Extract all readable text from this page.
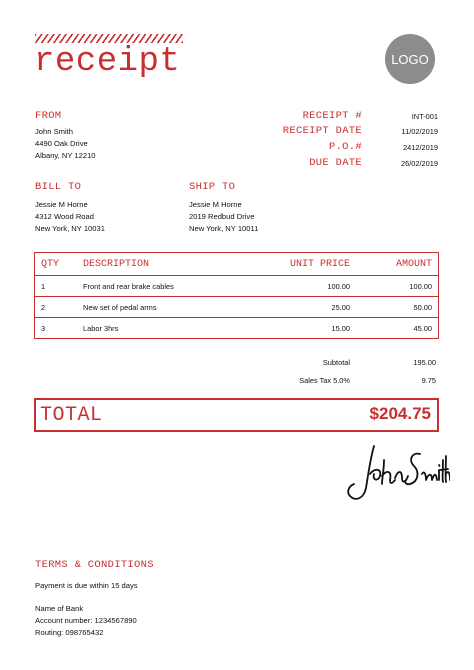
receipt	LOGO
FROM
John Smith
4490 Oak Drive
Albany, NY 12210
RECEIPT #	INT-001
RECEIPT DATE	11/02/2019
P.O.#	2412/2019
DUE DATE	26/02/2019
BILL TO
Jessie M Horne
4312 Wood Road
New York, NY 10031
SHIP TO
Jessie M Horne
2019 Redbud Drive
New York, NY 10011
QTY	DESCRIPTION	UNIT PRICE	AMOUNT
1	Front and rear brake cables	100.00	100.00
2	New set of pedal arms	25.00	50.00
3	Labor 3hrs	15.00	45.00
Subtotal	195.00
Sales Tax 5.0%	9.75
TOTAL	$204.75
TERMS & CONDITIONS
Payment is due within 15 days
Name of Bank
Account number: 1234567890
Routing: 098765432
